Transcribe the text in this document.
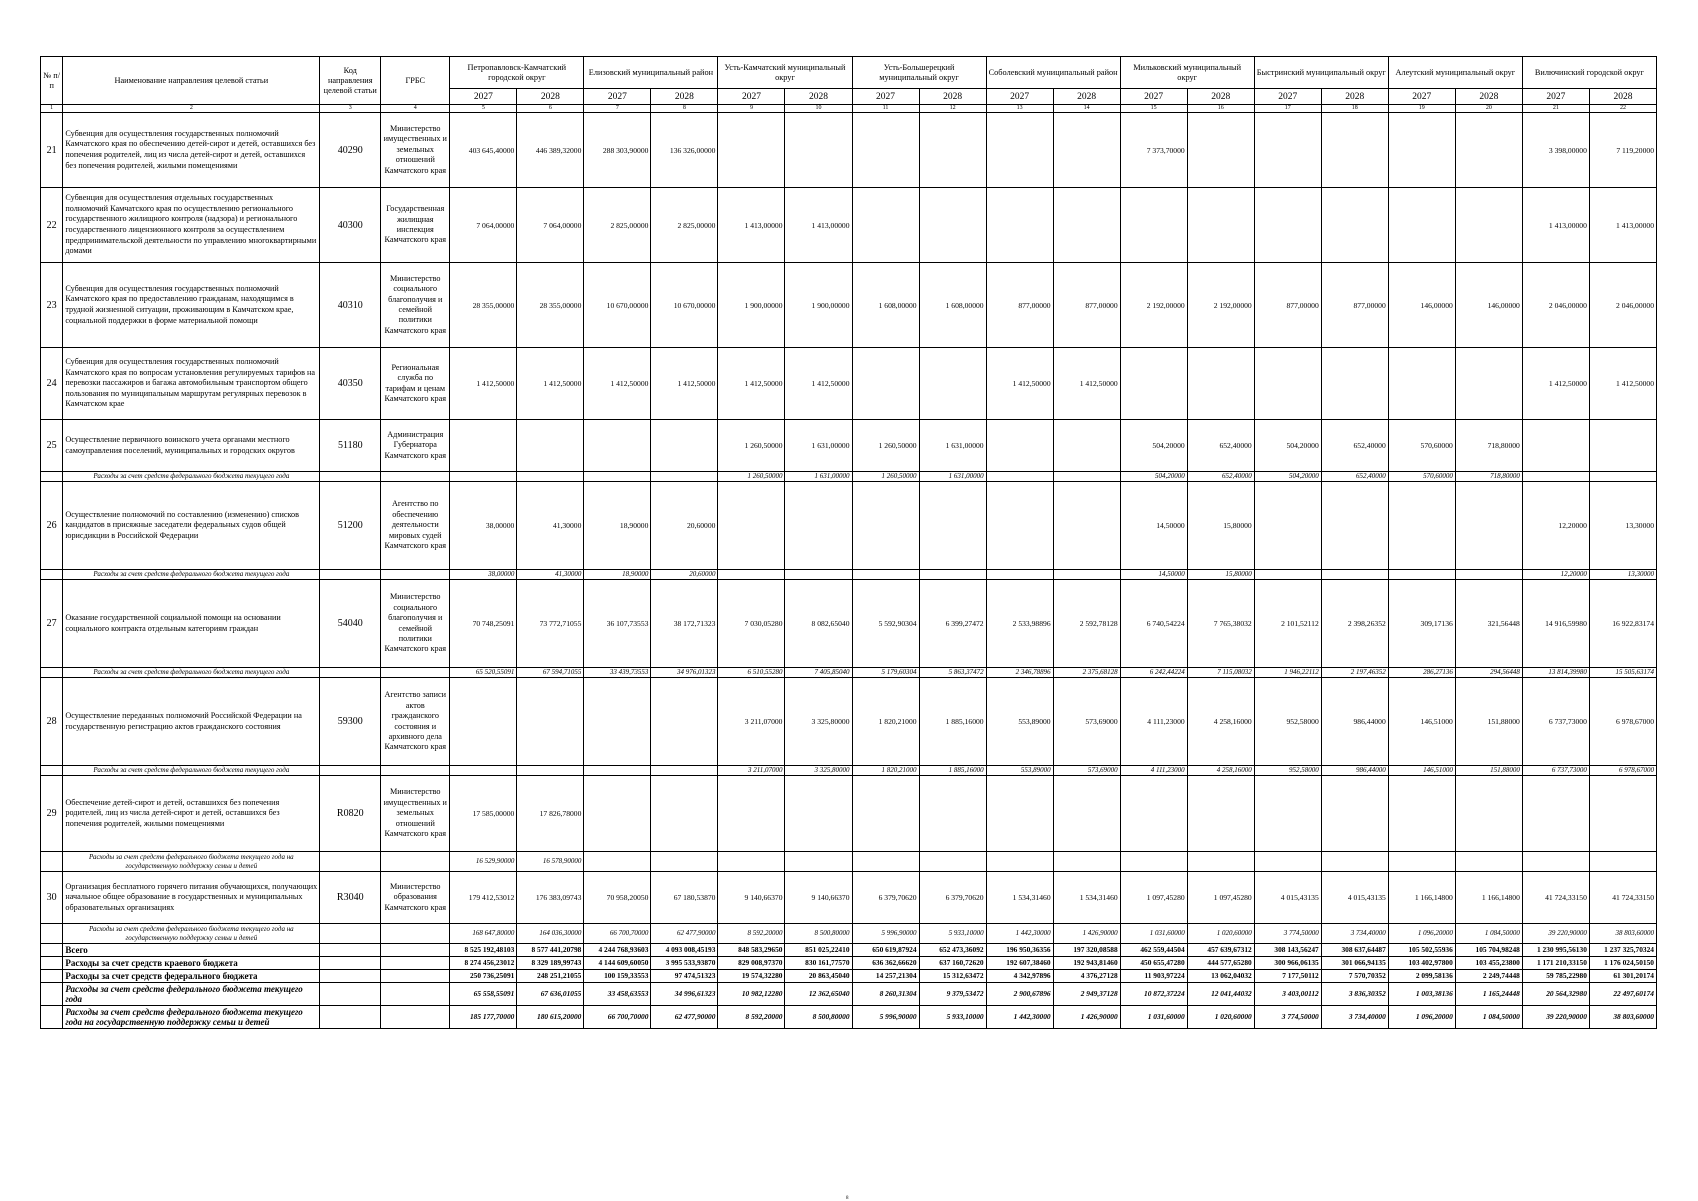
№ п/п	Наименование направления целевой статьи	Код направления целевой статьи	ГРБС	Петропавловск-Камчатский городской округ		Елизовский муниципальный район		Усть-Камчатский муниципальный округ		Усть-Большерецкий муниципальный округ		Соболевский муниципальный район		Мильковский муниципальный округ		Быстринский муниципальный округ		Алеутский муниципальный округ		Вилючинский городской округ	
				2027	2028	2027	2028	2027	2028	2027	2028	2027	2028	2027	2028	2027	2028	2027	2028	2027	2028
1	2	3	4	5	6	7	8	9	10	11	12	13	14	15	16	17	18	19	20	21	22
21	Субвенция для осуществления государственных полномочий Камчатского края по обеспечению детей-сирот и детей, оставшихся без попечения родителей, лиц из числа детей-сирот и детей, оставшихся без попечения родителей, жилыми помещениями	40290	Министерство имущественных и земельных отношений Камчатского края	403 645,40000	446 389,32000	288 303,90000	136 326,00000							7 373,70000						3 398,00000	7 119,20000
22	Субвенция для осуществления отдельных государственных полномочий Камчатского края по осуществлению регионального государственного жилищного контроля (надзора) и регионального государственного лицензионного контроля за осуществлением предпринимательской деятельности по управлению многоквартирными домами	40300	Государственная жилищная инспекция Камчатского края	7 064,00000	7 064,00000	2 825,00000	2 825,00000	1 413,00000	1 413,00000											1 413,00000	1 413,00000
23	Субвенция для осуществления государственных полномочий Камчатского края по предоставлению гражданам, находящимся в трудной жизненной ситуации, проживающим в Камчатском крае, социальной поддержки в форме материальной помощи	40310	Министерство социального благополучия и семейной политики Камчатского края	28 355,00000	28 355,00000	10 670,00000	10 670,00000	1 900,00000	1 900,00000	1 608,00000	1 608,00000	877,00000	877,00000	2 192,00000	2 192,00000	877,00000	877,00000	146,00000	146,00000	2 046,00000	2 046,00000
24	Субвенция для осуществления государственных полномочий Камчатского края по вопросам установления регулируемых тарифов на перевозки пассажиров и багажа автомобильным транспортом общего пользования по муниципальным маршрутам регулярных перевозок в Камчатском крае	40350	Региональная служба по тарифам и ценам Камчатского края	1 412,50000	1 412,50000	1 412,50000	1 412,50000	1 412,50000	1 412,50000			1 412,50000	1 412,50000							1 412,50000	1 412,50000
25	Осуществление первичного воинского учета органами местного самоуправления поселений, муниципальных и городских округов	51180	Администрация Губернатора Камчатского края					1 260,50000	1 631,00000	1 260,50000	1 631,00000			504,20000	652,40000	504,20000	652,40000	570,60000	718,80000		
	Расходы за счет средств федерального бюджета текущего года							1 260,50000	1 631,00000	1 260,50000	1 631,00000			504,20000	652,40000	504,20000	652,40000	570,60000	718,80000		
26	Осуществление полномочий по составлению (изменению) списков кандидатов в присяжные заседатели федеральных судов общей юрисдикции в Российской Федерации	51200	Агентство по обеспечению деятельности мировых судей Камчатского края	38,00000	41,30000	18,90000	20,60000							14,50000	15,80000					12,20000	13,30000
	Расходы за счет средств федерального бюджета текущего года			38,00000	41,30000	18,90000	20,60000							14,50000	15,80000					12,20000	13,30000
27	Оказание государственной социальной помощи на основании социального контракта отдельным категориям граждан	54040	Министерство социального благополучия и семейной политики Камчатского края	70 748,25091	73 772,71055	36 107,73553	38 172,71323	7 030,05280	8 082,65040	5 592,90304	6 399,27472	2 533,98896	2 592,78128	6 740,54224	7 765,38032	2 101,52112	2 398,26352	309,17136	321,56448	14 916,59980	16 922,83174
	Расходы за счет средств федерального бюджета текущего года			65 520,55091	67 594,71055	33 439,73553	34 976,01323	6 510,55280	7 405,85040	5 179,60304	5 863,37472	2 346,78896	2 375,68128	6 242,44224	7 115,08032	1 946,22112	2 197,46352	286,27136	294,56448	13 814,39980	15 505,63174
28	Осуществление переданных полномочий Российской Федерации на государственную регистрацию актов гражданского состояния	59300	Агентство записи актов гражданского состояния и архивного дела Камчатского края					3 211,07000	3 325,80000	1 820,21000	1 885,16000	553,89000	573,69000	4 111,23000	4 258,16000	952,58000	986,44000	146,51000	151,88000	6 737,73000	6 978,67000
	Расходы за счет средств федерального бюджета текущего года							3 211,07000	3 325,80000	1 820,21000	1 885,16000	553,89000	573,69000	4 111,23000	4 258,16000	952,58000	986,44000	146,51000	151,88000	6 737,73000	6 978,67000
29	Обеспечение детей-сирот и детей, оставшихся без попечения родителей, лиц из числа детей-сирот и детей, оставшихся без попечения родителей, жилыми помещениями	R0820	Министерство имущественных и земельных отношений Камчатского края	17 585,00000	17 826,78000																
	Расходы за счет средств федерального бюджета текущего года на государственную поддержку семьи и детей			16 529,90000	16 578,90000																
30	Организация бесплатного горячего питания обучающихся, получающих начальное общее образование в государственных и муниципальных образовательных организациях	R3040	Министерство образования Камчатского края	179 412,53012	176 383,09743	70 958,20050	67 180,53870	9 140,66370	9 140,66370	6 379,70620	6 379,70620	1 534,31460	1 534,31460	1 097,45280	1 097,45280	4 015,43135	4 015,43135	1 166,14800	1 166,14800	41 724,33150	41 724,33150
	Расходы за счет средств федерального бюджета текущего года на государственную поддержку семьи и детей			168 647,80000	164 036,30000	66 700,70000	62 477,90000	8 592,20000	8 500,80000	5 996,90000	5 933,10000	1 442,30000	1 426,90000	1 031,60000	1 020,60000	3 774,50000	3 734,40000	1 096,20000	1 084,50000	39 220,90000	38 803,60000
	Всего			8 525 192,48103	8 577 441,20798	4 244 768,93603	4 093 008,45193	848 583,29650	851 025,22410	650 619,87924	652 473,36092	196 950,36356	197 320,08588	462 559,44504	457 639,67312	308 143,56247	308 637,64487	105 502,55936	105 704,98248	1 230 995,56130	1 237 325,70324
	Расходы за счет средств краевого бюджета			8 274 456,23012	8 329 189,99743	4 144 609,60050	3 995 533,93870	829 008,97370	830 161,77570	636 362,66620	637 160,72620	192 607,38460	192 943,81460	450 655,47280	444 577,65280	300 966,06135	301 066,94135	103 402,97800	103 455,23800	1 171 210,33150	1 176 024,50150
	Расходы за счет средств федерального бюджета			250 736,25091	248 251,21055	100 159,33553	97 474,51323	19 574,32280	20 863,45040	14 257,21304	15 312,63472	4 342,97896	4 376,27128	11 903,97224	13 062,04032	7 177,50112	7 570,70352	2 099,58136	2 249,74448	59 785,22980	61 301,20174
	Расходы за счет средств федерального бюджета текущего года			65 558,55091	67 636,01055	33 458,63553	34 996,61323	10 982,12280	12 362,65040	8 260,31304	9 379,53472	2 900,67896	2 949,37128	10 872,37224	12 041,44032	3 403,00112	3 836,30352	1 003,38136	1 165,24448	20 564,32980	22 497,60174
	Расходы за счет средств федерального бюджета текущего года на государственную поддержку семьи и детей			185 177,70000	180 615,20000	66 700,70000	62 477,90000	8 592,20000	8 500,80000	5 996,90000	5 933,10000	1 442,30000	1 426,90000	1 031,60000	1 020,60000	3 774,50000	3 734,40000	1 096,20000	1 084,50000	39 220,90000	38 803,60000
8
